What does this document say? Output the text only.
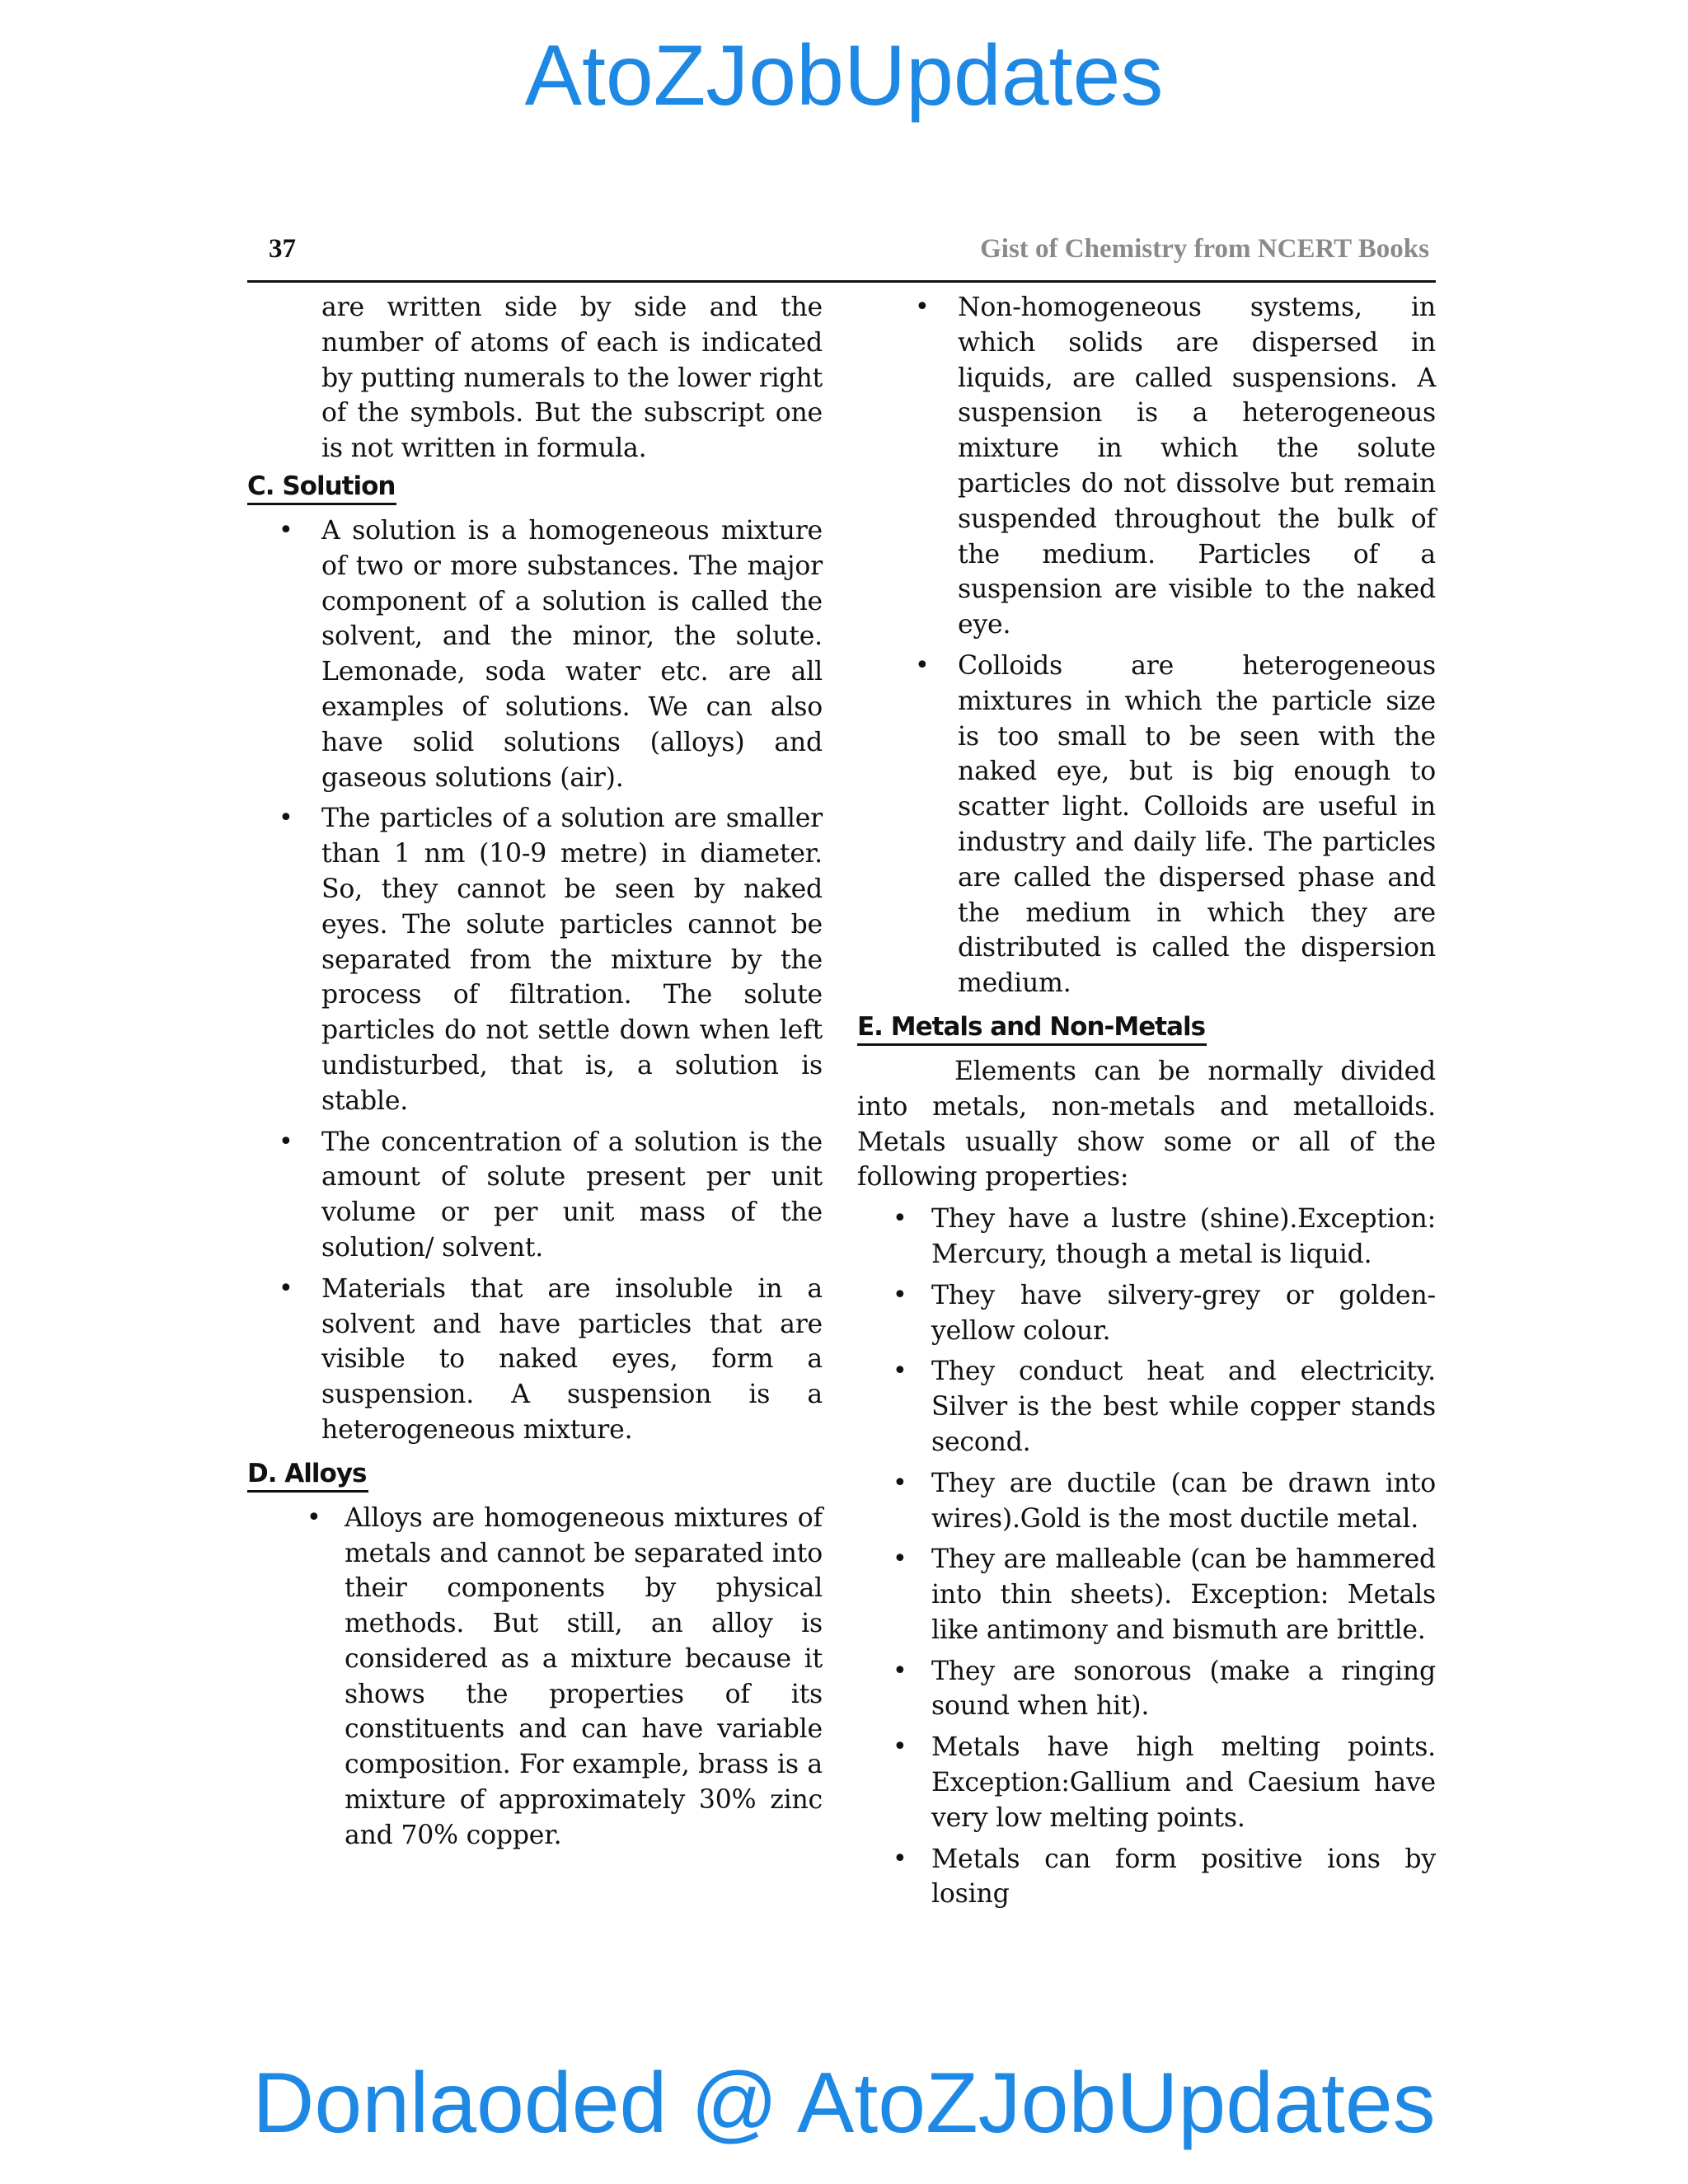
AtoZJobUpdates
37	Gist of Chemistry from NCERT Books

are written side by side and the number of atoms of each is indicated by putting numerals to the lower right of the symbols. But the subscript one is not written in formula.

C. Solution
• A solution is a homogeneous mixture of two or more substances. The major component of a solution is called the solvent, and the minor, the solute. Lemonade, soda water etc. are all examples of solutions. We can also have solid solutions (alloys) and gaseous solutions (air).
• The particles of a solution are smaller than 1 nm (10-9 metre) in diameter. So, they cannot be seen by naked eyes. The solute particles cannot be separated from the mixture by the process of filtration. The solute particles do not settle down when left undisturbed, that is, a solution is stable.
• The concentration of a solution is the amount of solute present per unit volume or per unit mass of the solution/ solvent.
• Materials that are insoluble in a solvent and have particles that are visible to naked eyes, form a suspension. A suspension is a heterogeneous mixture.
D. Alloys
• Alloys are homogeneous mixtures of metals and cannot be separated into their components by physical methods. But still, an alloy is considered as a mixture because it shows the properties of its constituents and can have variable composition. For example, brass is a mixture of approximately 30% zinc and 70% copper.
• Non-homogeneous systems, in which solids are dispersed in liquids, are called suspensions. A suspension is a heterogeneous mixture in which the solute particles do not dissolve but remain suspended throughout the bulk of the medium. Particles of a suspension are visible to the naked eye.
• Colloids are heterogeneous mixtures in which the particle size is too small to be seen with the naked eye, but is big enough to scatter light. Colloids are useful in industry and daily life. The particles are called the dispersed phase and the medium in which they are distributed is called the dispersion medium.
E. Metals and Non-Metals

Elements can be normally divided into metals, non-metals and metalloids. Metals usually show some or all of the following properties:

• They have a lustre (shine).Exception: Mercury, though a metal is liquid.
• They have silvery-grey or golden-yellow colour.
• They conduct heat and electricity. Silver is the best while copper stands second.
• They are ductile (can be drawn into wires).Gold is the most ductile metal.
• They are malleable (can be hammered into thin sheets). Exception: Metals like antimony and bismuth are brittle.
• They are sonorous (make a ringing sound when hit).
• Metals have high melting points. Exception:Gallium and Caesium have very low melting points.
• Metals can form positive ions by losing
Donlaoded @ AtoZJobUpdates
